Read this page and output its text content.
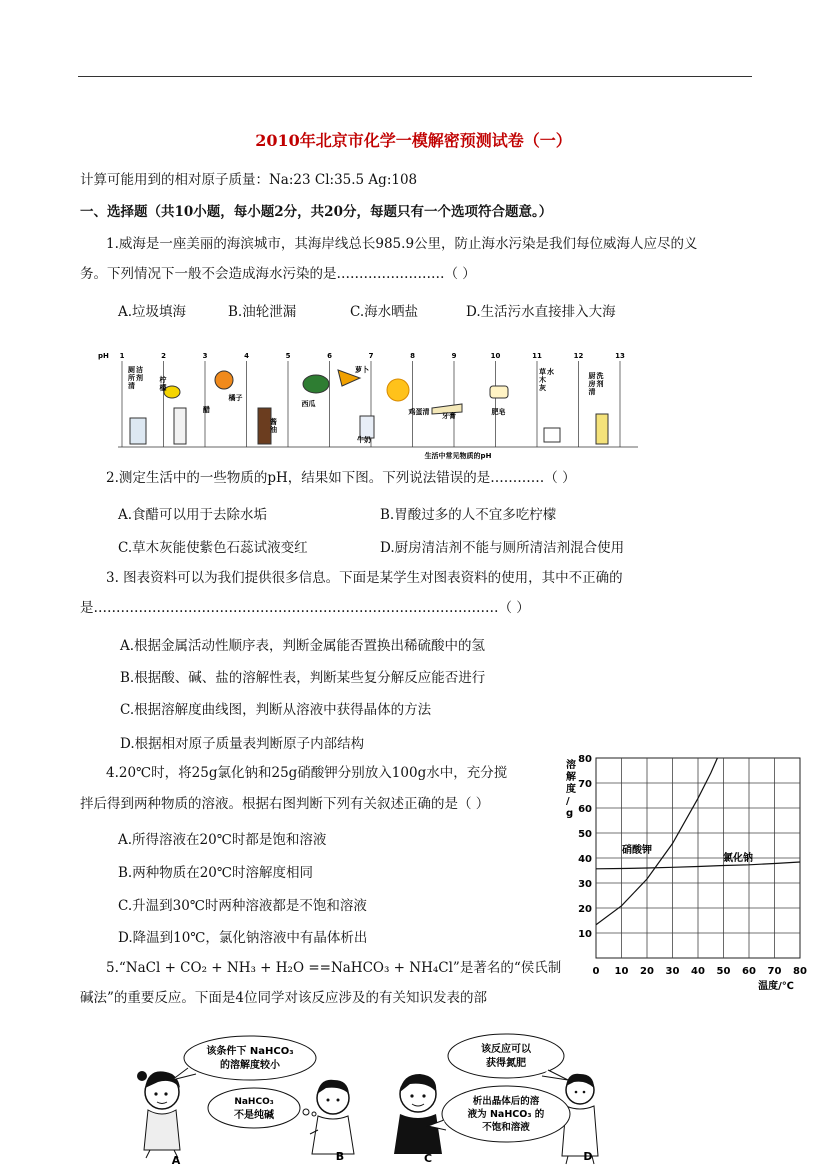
2010年北京市化学一模解密预测试卷（一）
计算可能用到的相对原子质量：Na:23 Cl:35.5 Ag:108
一、选择题（共10小题，每小题2分，共20分，每题只有一个选项符合题意。）
1.威海是一座美丽的海滨城市，其海岸线总长985.9公里，防止海水污染是我们每位威海人应尽的义
务。下列情况下一般不会造成海水污染的是……………………（ ）
A.垃圾填海	B.油轮泄漏	C.海水晒盐	D.生活污水直接排入大海
pH 1	2	3	4	5	6	7	8	9	10	11	12	13
厕所清洁剂 柠檬
醋
橘子
酱油
西瓜
萝卜
牛奶
鸡蛋清 牙膏	肥皂
草木灰水	厨房清洗剂
生活中常见物质的pH
2.测定生活中的一些物质的pH，结果如下图。下列说法错误的是…………（ ）
A.食醋可以用于去除水垢	B.胃酸过多的人不宜多吃柠檬
C.草木灰能使紫色石蕊试液变红	D.厨房清洁剂不能与厕所清洁剂混合使用
3. 图表资料可以为我们提供很多信息。下面是某学生对图表资料的使用，其中不正确的
是………………………………………………………………………………（ ）
A.根据金属活动性顺序表，判断金属能否置换出稀硫酸中的氢
B.根据酸、碱、盐的溶解性表，判断某些复分解反应能否进行
C.根据溶解度曲线图，判断从溶液中获得晶体的方法
D.根据相对原子质量表判断原子内部结构
4.20℃时，将25g氯化钠和25g硝酸钾分别放入100g水中，充分搅
拌后得到两种物质的溶液。根据右图判断下列有关叙述正确的是（ ）
A.所得溶液在20℃时都是饱和溶液
B.两种物质在20℃时溶解度相同
C.升温到30℃时两种溶液都是不饱和溶液
D.降温到10℃，氯化钠溶液中有晶体析出	10
20
30
40
50
60
70
80
0 10 20 30 40 50 60 70 80
溶解度/ g
温度/℃
硝酸钾
氯化钠
5.“NaCl + CO₂ + NH₃ + H₂O ==NaHCO₃ + NH₄Cl”是著名的“侯氏制
碱法”的重要反应。下面是4位同学对该反应涉及的有关知识发表的部
该条件下 NaHCO₃
的溶解度较小
NaHCO₃
不是纯碱
该反应可以
获得氮肥
析出晶体后的溶
液为 NaHCO₃ 的
不饱和溶液
A	B	C	D
